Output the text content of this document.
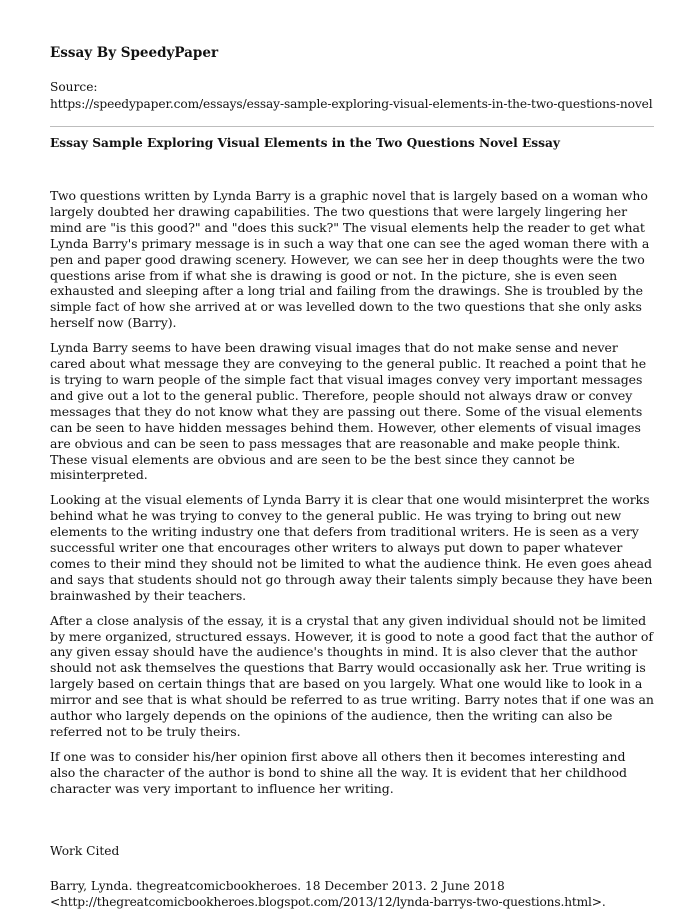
Essay By SpeedyPaper
Source:
https://speedypaper.com/essays/essay-sample-exploring-visual-elements-in-the-two-questions-novel
Essay Sample Exploring Visual Elements in the Two Questions Novel Essay

Two questions written by Lynda Barry is a graphic novel that is largely based on a woman who largely doubted her drawing capabilities. The two questions that were largely lingering her mind are "is this good?" and "does this suck?" The visual elements help the reader to get what Lynda Barry's primary message is in such a way that one can see the aged woman there with a pen and paper good drawing scenery. However, we can see her in deep thoughts were the two questions arise from if what she is drawing is good or not. In the picture, she is even seen exhausted and sleeping after a long trial and failing from the drawings. She is troubled by the simple fact of how she arrived at or was levelled down to the two questions that she only asks herself now (Barry).

Lynda Barry seems to have been drawing visual images that do not make sense and never cared about what message they are conveying to the general public. It reached a point that he is trying to warn people of the simple fact that visual images convey very important messages and give out a lot to the general public. Therefore, people should not always draw or convey messages that they do not know what they are passing out there. Some of the visual elements can be seen to have hidden messages behind them. However, other elements of visual images are obvious and can be seen to pass messages that are reasonable and make people think. These visual elements are obvious and are seen to be the best since they cannot be misinterpreted.

Looking at the visual elements of Lynda Barry it is clear that one would misinterpret the works behind what he was trying to convey to the general public. He was trying to bring out new elements to the writing industry one that defers from traditional writers. He is seen as a very successful writer one that encourages other writers to always put down to paper whatever comes to their mind they should not be limited to what the audience think. He even goes ahead and says that students should not go through away their talents simply because they have been brainwashed by their teachers.

After a close analysis of the essay, it is a crystal that any given individual should not be limited by mere organized, structured essays. However, it is good to note a good fact that the author of any given essay should have the audience's thoughts in mind. It is also clever that the author should not ask themselves the questions that Barry would occasionally ask her. True writing is largely based on certain things that are based on you largely. What one would like to look in a mirror and see that is what should be referred to as true writing. Barry notes that if one was an author who largely depends on the opinions of the audience, then the writing can also be referred not to be truly theirs.

If one was to consider his/her opinion first above all others then it becomes interesting and also the character of the author is bond to shine all the way. It is evident that her childhood character was very important to influence her writing.

Work Cited
Barry, Lynda. thegreatcomicbookheroes. 18 December 2013. 2 June 2018
<http://thegreatcomicbookheroes.blogspot.com/2013/12/lynda-barrys-two-questions.html>.
